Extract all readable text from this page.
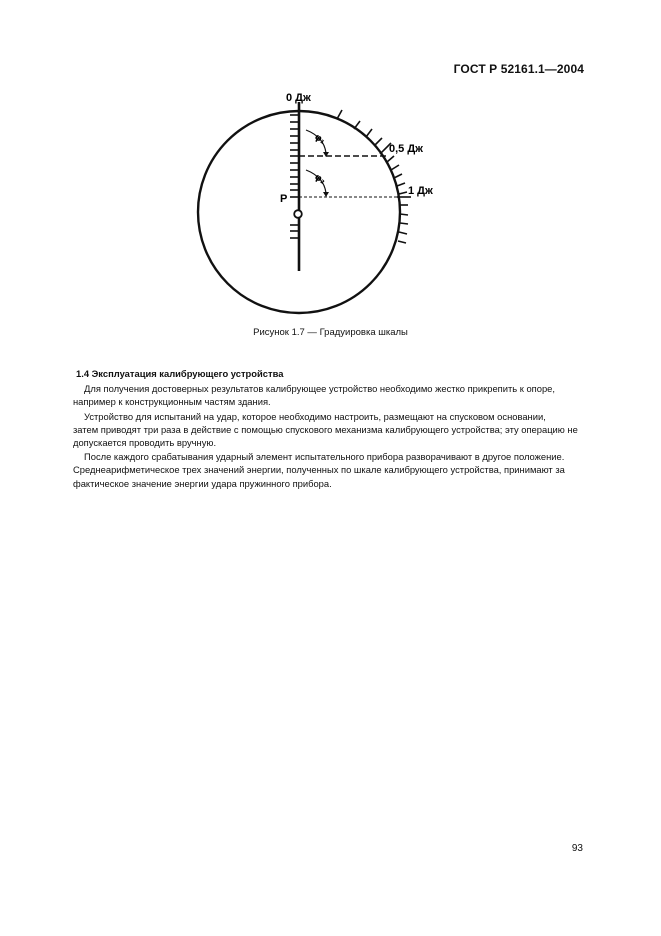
ГОСТ Р 52161.1—2004
φ₁
φ₂
0 Дж
0,5 Дж
1 Дж
Р
Рисунок 1.7 — Градуировка шкалы
1.4 Эксплуатация калибрующего устройства

Для получения достоверных результатов калибрующее устройство необходимо жестко прикрепить к опоре,
например к конструкционным частям здания.

Устройство для испытаний на удар, которое необходимо настроить, размещают на спусковом основании,
затем приводят три раза в действие с помощью спускового механизма калибрующего устройства; эту операцию не
допускается проводить вручную.

После каждого срабатывания ударный элемент испытательного прибора разворачивают в другое положение.
Среднеарифметическое трех значений энергии, полученных по шкале калибрующего устройства, принимают за
фактическое значение энергии удара пружинного прибора.

93
